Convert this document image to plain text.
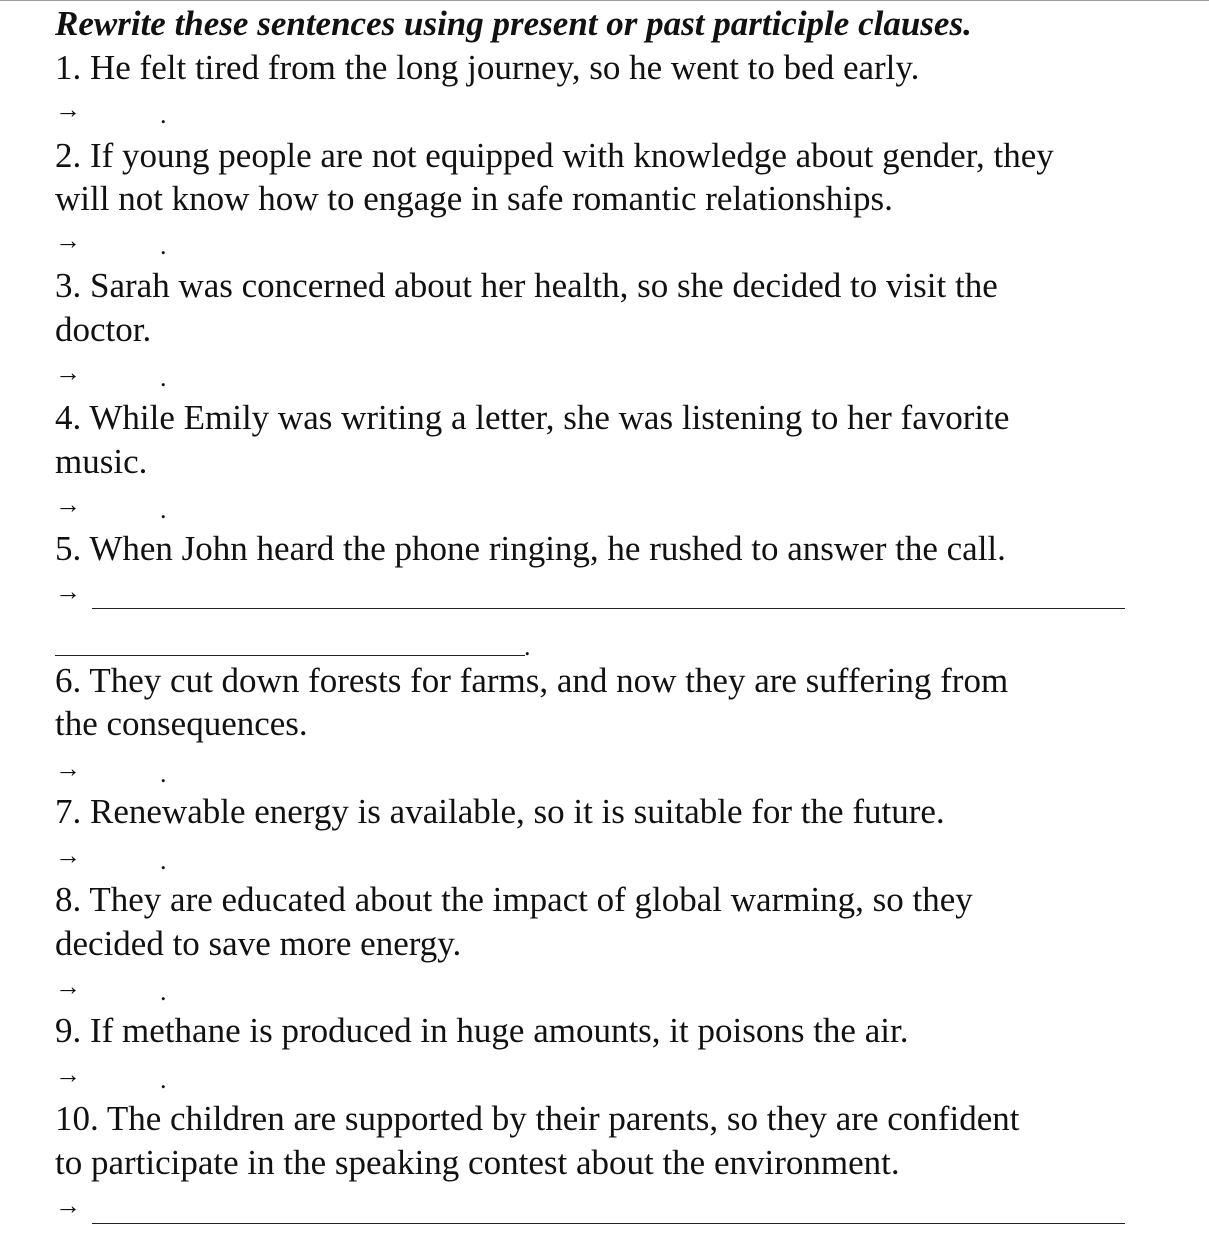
Rewrite these sentences using present or past participle clauses.
1. He felt tired from the long journey, so he went to bed early.
→	.
2. If young people are not equipped with knowledge about gender, they
will not know how to engage in safe romantic relationships.
→	.
3. Sarah was concerned about her health, so she decided to visit the
doctor.
→	.
4. While Emily was writing a letter, she was listening to her favorite
music.
→	.
5. When John heard the phone ringing, he rushed to answer the call.
→
.
6. They cut down forests for farms, and now they are suffering from
the consequences.
→	.
7. Renewable energy is available, so it is suitable for the future.
→	.
8. They are educated about the impact of global warming, so they
decided to save more energy.
→	.
9. If methane is produced in huge amounts, it poisons the air.
→	.
10. The children are supported by their parents, so they are confident
to participate in the speaking contest about the environment.
→
